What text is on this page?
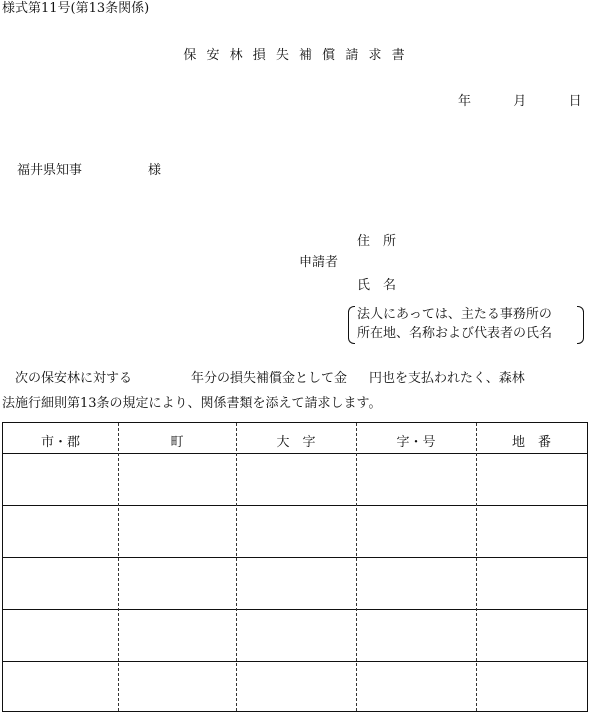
様式第11号(第13条関係)
保 安 林 損 失 補 償 請 求 書
年	月	日
福井県知事	様
住　所
申請者
氏　名
法人にあっては、主たる事務所の
所在地、名称および代表者の氏名
次の保安林に対する	年分の損失補償金として金 円也を支払われたく、森林
法施行細則第13条の規定により、関係書類を添えて請求します。
市・郡	町	大　字	字・号	地　番
